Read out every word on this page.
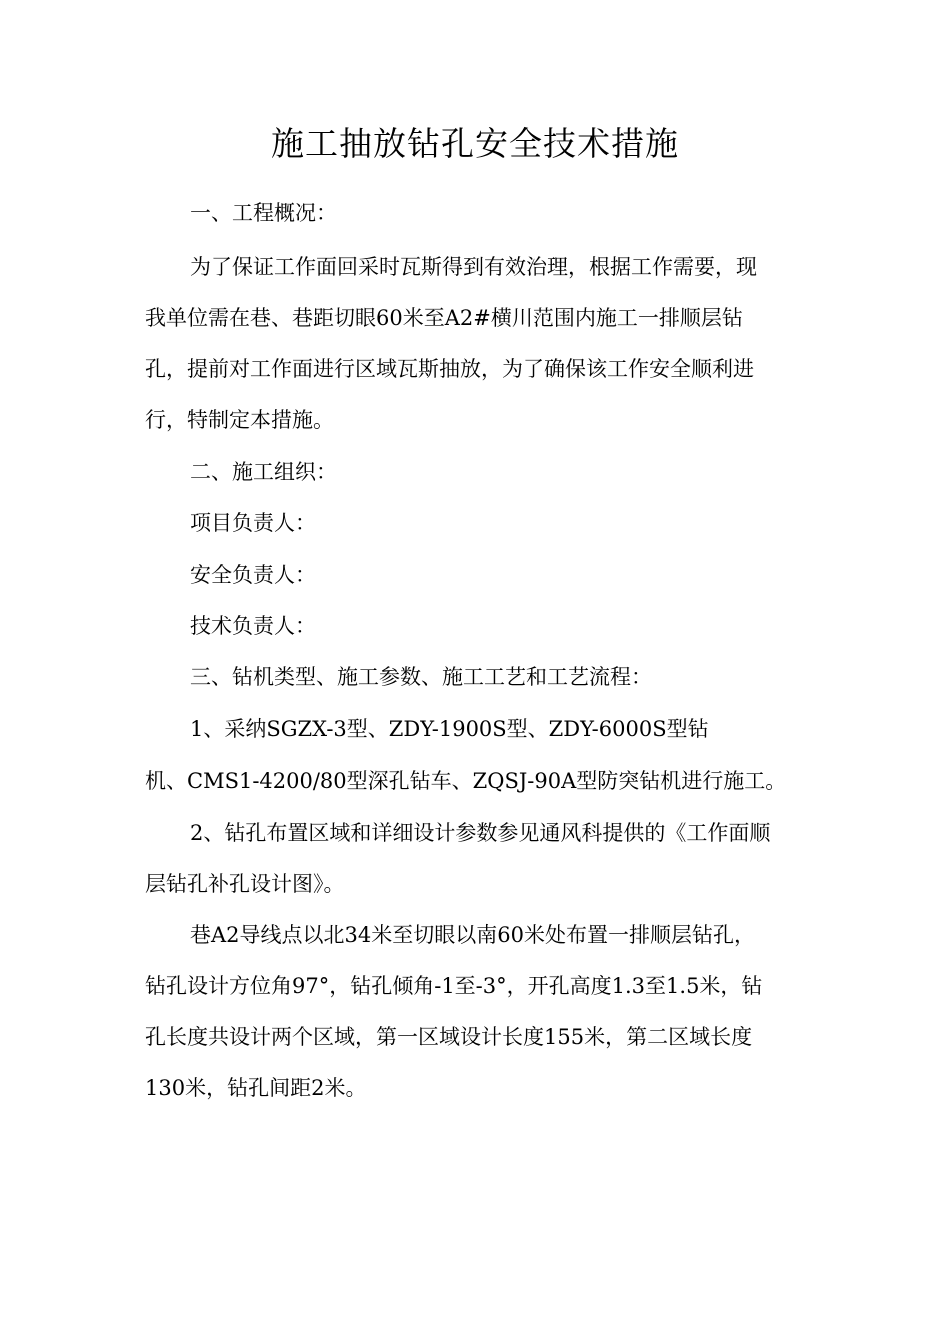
施工抽放钻孔安全技术措施

一、工程概况：

为了保证工作面回采时瓦斯得到有效治理，根据工作需要，现

我单位需在巷、巷距切眼60米至A2#横川范围内施工一排顺层钻

孔，提前对工作面进行区域瓦斯抽放，为了确保该工作安全顺利进

行，特制定本措施。

二、施工组织：

项目负责人：

安全负责人：

技术负责人：

三、钻机类型、施工参数、施工工艺和工艺流程：

1、采纳SGZX-3型、ZDY-1900S型、ZDY-6000S型钻

机、CMS1-4200/80型深孔钻车、ZQSJ-90A型防突钻机进行施工。

2、钻孔布置区域和详细设计参数参见通风科提供的《工作面顺

层钻孔补孔设计图》。

巷A2导线点以北34米至切眼以南60米处布置一排顺层钻孔，

钻孔设计方位角97°，钻孔倾角-1至-3°，开孔高度1.3至1.5米，钻

孔长度共设计两个区域，第一区域设计长度155米，第二区域长度

130米，钻孔间距2米。
